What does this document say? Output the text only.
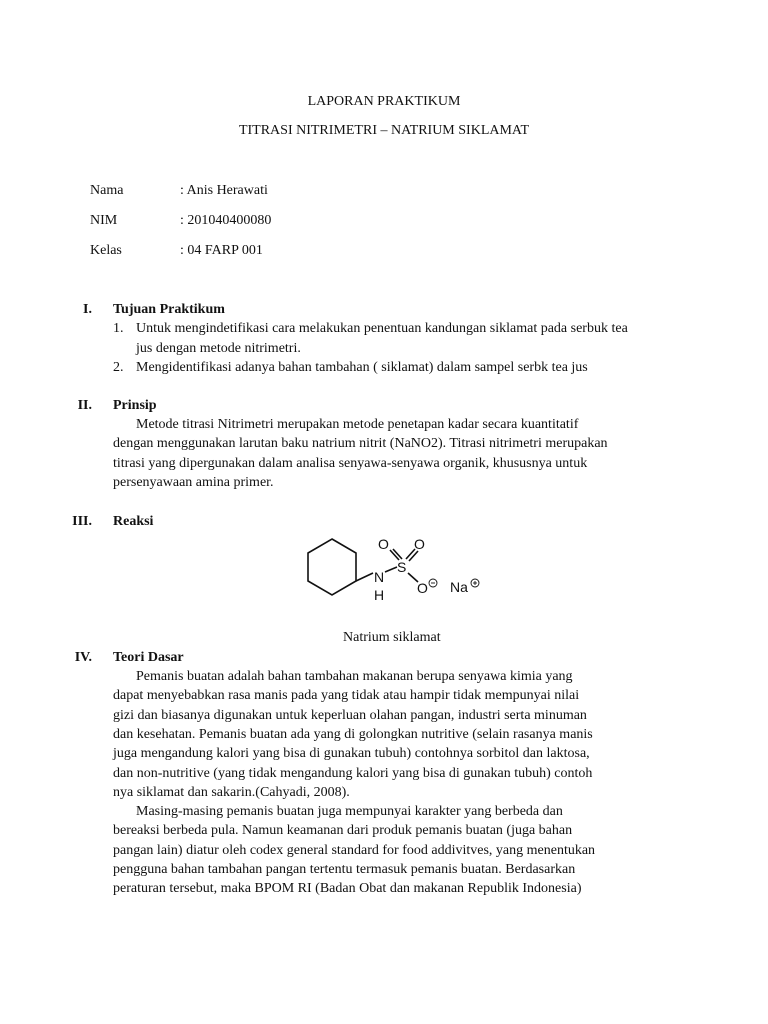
LAPORAN PRAKTIKUM
TITRASI NITRIMETRI – NATRIUM SIKLAMAT
Nama	: Anis Herawati
NIM	: 201040400080
Kelas	: 04 FARP 001
I. Tujuan Praktikum
1. Untuk mengindetifikasi cara melakukan penentuan kandungan siklamat pada serbuk tea
jus dengan metode nitrimetri.
2. Mengidentifikasi adanya bahan tambahan ( siklamat) dalam sampel serbk tea jus
II. Prinsip
Metode titrasi Nitrimetri merupakan metode penetapan kadar secara kuantitatif
dengan menggunakan larutan baku natrium nitrit (NaNO2). Titrasi nitrimetri merupakan
titrasi yang dipergunakan dalam analisa senyawa-senyawa organik, khususnya untuk
persenyawaan amina primer.
III. Reaksi
N
H
S
O O
O Na
Natrium siklamat
IV. Teori Dasar
Pemanis buatan adalah bahan tambahan makanan berupa senyawa kimia yang
dapat menyebabkan rasa manis pada yang tidak atau hampir tidak mempunyai nilai
gizi dan biasanya digunakan untuk keperluan olahan pangan, industri serta minuman
dan kesehatan. Pemanis buatan ada yang di golongkan nutritive (selain rasanya manis
juga mengandung kalori yang bisa di gunakan tubuh) contohnya sorbitol dan laktosa,
dan non-nutritive (yang tidak mengandung kalori yang bisa di gunakan tubuh) contoh
nya siklamat dan sakarin.(Cahyadi, 2008).
Masing-masing pemanis buatan juga mempunyai karakter yang berbeda dan
bereaksi berbeda pula. Namun keamanan dari produk pemanis buatan (juga bahan
pangan lain) diatur oleh codex general standard for food addivitves, yang menentukan
pengguna bahan tambahan pangan tertentu termasuk pemanis buatan. Berdasarkan
peraturan tersebut, maka BPOM RI (Badan Obat dan makanan Republik Indonesia)
